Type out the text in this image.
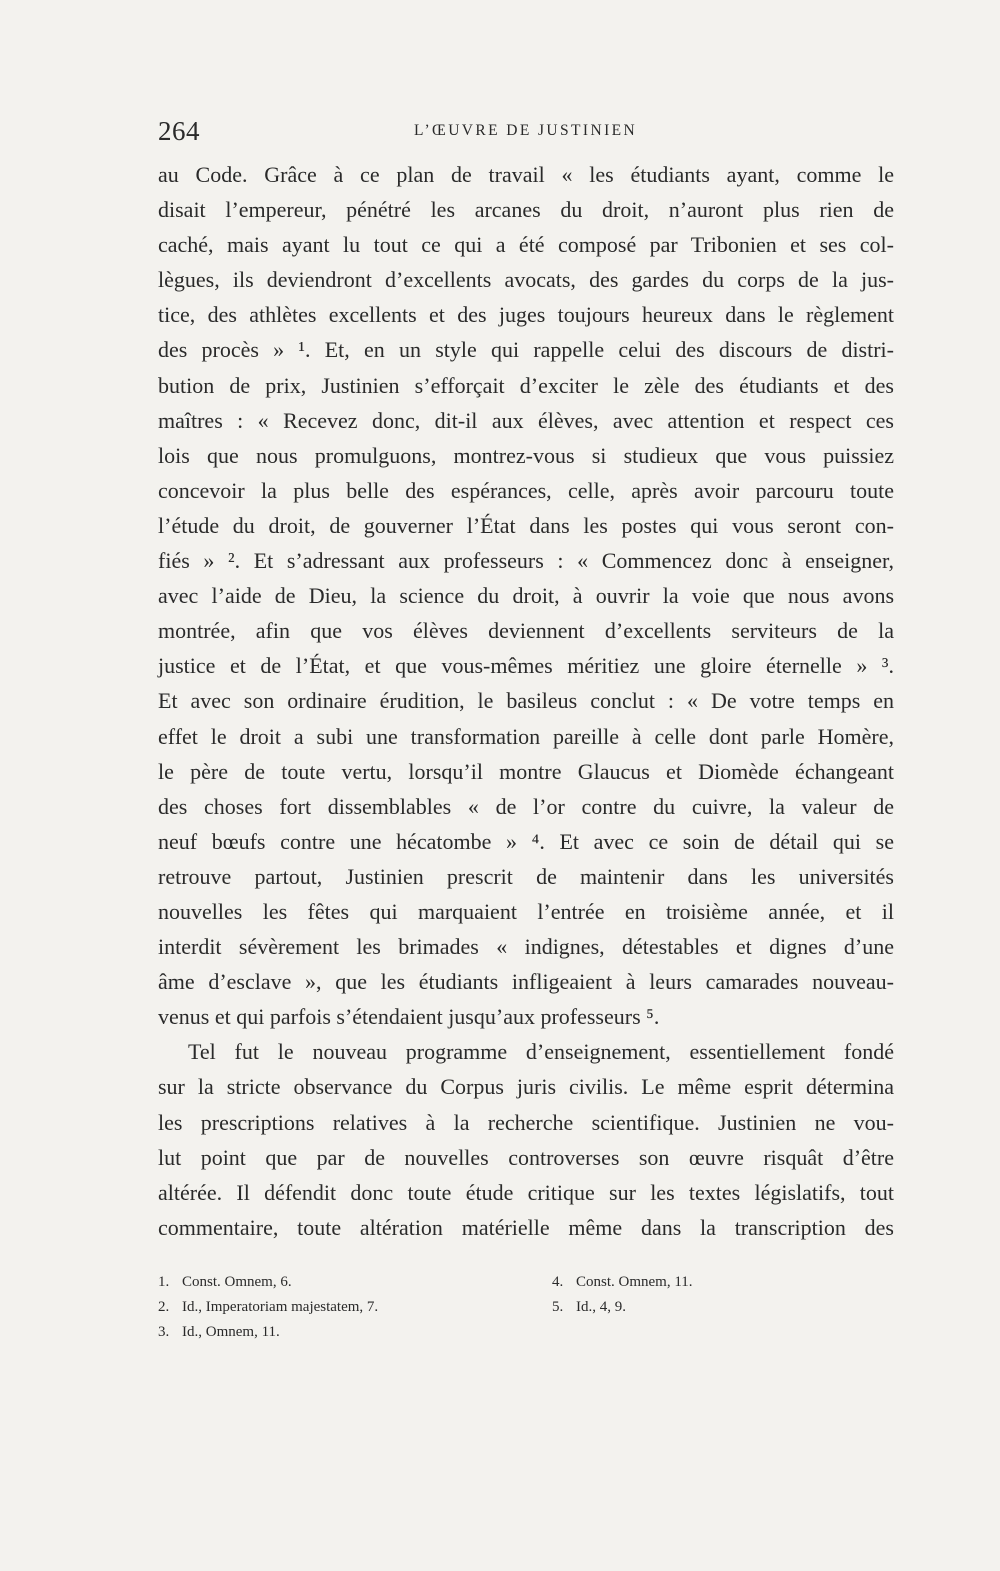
264	L’ŒUVRE DE JUSTINIEN
au Code. Grâce à ce plan de travail « les étudiants ayant, comme le
disait l’empereur, pénétré les arcanes du droit, n’auront plus rien de
caché, mais ayant lu tout ce qui a été composé par Tribonien et ses col-
lègues, ils deviendront d’excellents avocats, des gardes du corps de la jus-
tice, des athlètes excellents et des juges toujours heureux dans le règlement
des procès » ¹. Et, en un style qui rappelle celui des discours de distri-
bution de prix, Justinien s’efforçait d’exciter le zèle des étudiants et des
maîtres : « Recevez donc, dit-il aux élèves, avec attention et respect ces
lois que nous promulguons, montrez-vous si studieux que vous puissiez
concevoir la plus belle des espérances, celle, après avoir parcouru toute
l’étude du droit, de gouverner l’État dans les postes qui vous seront con-
fiés » ². Et s’adressant aux professeurs : « Commencez donc à enseigner,
avec l’aide de Dieu, la science du droit, à ouvrir la voie que nous avons
montrée, afin que vos élèves deviennent d’excellents serviteurs de la
justice et de l’État, et que vous-mêmes méritiez une gloire éternelle » ³.
Et avec son ordinaire érudition, le basileus conclut : « De votre temps en
effet le droit a subi une transformation pareille à celle dont parle Homère,
le père de toute vertu, lorsqu’il montre Glaucus et Diomède échangeant
des choses fort dissemblables « de l’or contre du cuivre, la valeur de
neuf bœufs contre une hécatombe » ⁴. Et avec ce soin de détail qui se
retrouve partout, Justinien prescrit de maintenir dans les universités
nouvelles les fêtes qui marquaient l’entrée en troisième année, et il
interdit sévèrement les brimades « indignes, détestables et dignes d’une
âme d’esclave », que les étudiants infligeaient à leurs camarades nouveau-
venus et qui parfois s’étendaient jusqu’aux professeurs ⁵.
Tel fut le nouveau programme d’enseignement, essentiellement fondé
sur la stricte observance du Corpus juris civilis. Le même esprit détermina
les prescriptions relatives à la recherche scientifique. Justinien ne vou-
lut point que par de nouvelles controverses son œuvre risquât d’être
altérée. Il défendit donc toute étude critique sur les textes législatifs, tout
commentaire, toute altération matérielle même dans la transcription des
1. Const. Omnem, 6.
2. Id., Imperatoriam majestatem, 7.
3. Id., Omnem, 11.
4. Const. Omnem, 11.
5. Id., 4, 9.
